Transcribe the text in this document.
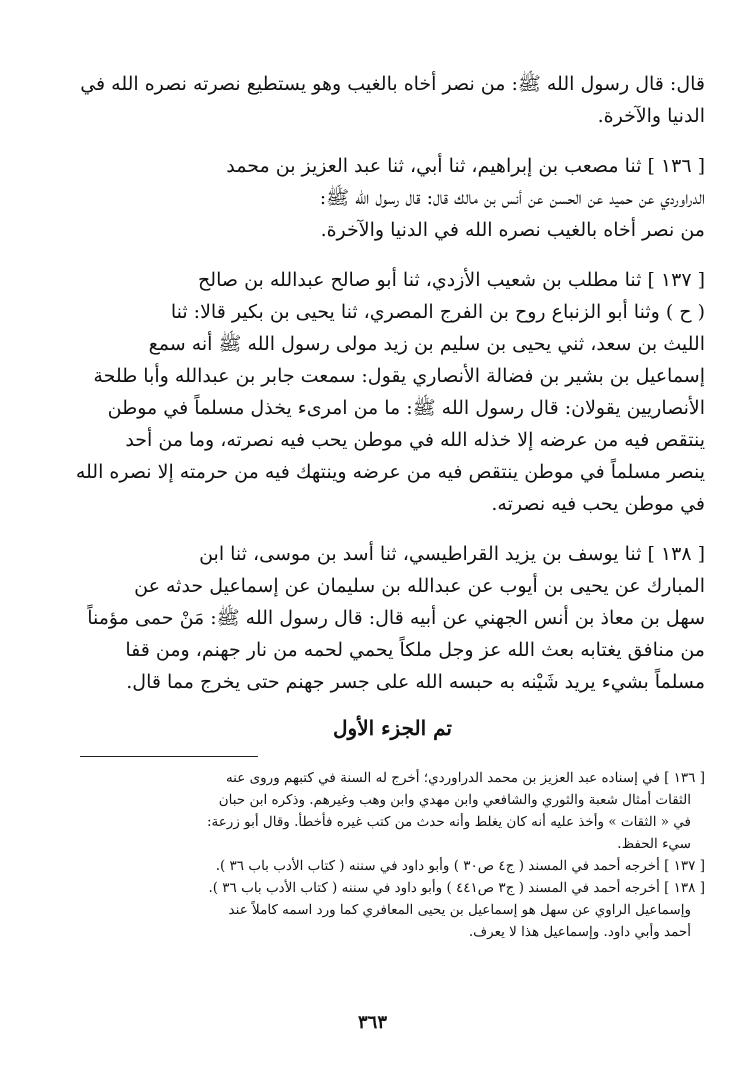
قال: قال رسول الله ﷺ: من نصر أخاه بالغيب وهو يستطيع نصرته نصره الله في
الدنيا والآخرة.
[ ١٣٦ ] ثنا مصعب بن إبراهيم، ثنا أبي، ثنا عبد العزيز بن محمد
الدراوردي عن حميد عن الحسن عن أنس بن مالك قال: قال رسول الله ﷺ:
من نصر أخاه بالغيب نصره الله في الدنيا والآخرة.
[ ١٣٧ ] ثنا مطلب بن شعيب الأزدي، ثنا أبو صالح عبدالله بن صالح
( ح ) وثنا أبو الزنباع روح بن الفرج المصري، ثنا يحيى بن بكير قالا: ثنا
الليث بن سعد، ثني يحيى بن سليم بن زيد مولى رسول الله ﷺ أنه سمع
إسماعيل بن بشير بن فضالة الأنصاري يقول: سمعت جابر بن عبدالله وأبا طلحة
الأنصاريين يقولان: قال رسول الله ﷺ: ما من امرىء يخذل مسلماً في موطن
ينتقص فيه من عرضه إلا خذله الله في موطن يحب فيه نصرته، وما من أحد
ينصر مسلماً في موطن ينتقص فيه من عرضه وينتهك فيه من حرمته إلا نصره الله
في موطن يحب فيه نصرته.
[ ١٣٨ ] ثنا يوسف بن يزيد القراطيسي، ثنا أسد بن موسى، ثنا ابن
المبارك عن يحيى بن أيوب عن عبدالله بن سليمان عن إسماعيل حدثه عن
سهل بن معاذ بن أنس الجهني عن أبيه قال: قال رسول الله ﷺ: مَنْ حمى مؤمناً
من منافق يغتابه بعث الله عز وجل ملكاً يحمي لحمه من نار جهنم، ومن قفا
مسلماً بشيء يريد شَيْنه به حبسه الله على جسر جهنم حتى يخرج مما قال.
تم الجزء الأول
[ ١٣٦ ] في إسناده عبد العزيز بن محمد الدراوردي؛ أخرج له السنة في كتبهم وروى عنه
الثقات أمثال شعبة والثوري والشافعي وابن مهدي وابن وهب وغيرهم. وذكره ابن حبان
في « الثقات » وأخذ عليه أنه كان يغلط وأنه حدث من كتب غيره فأخطأ. وقال أبو زرعة:
سيء الحفظ.
[ ١٣٧ ] أخرجه أحمد في المسند ( ج٤ ص٣٠ ) وأبو داود في سننه ( كتاب الأدب باب ٣٦ ).
[ ١٣٨ ] أخرجه أحمد في المسند ( ج٣ ص٤٤١ ) وأبو داود في سننه ( كتاب الأدب باب ٣٦ ).
وإسماعيل الراوي عن سهل هو إسماعيل بن يحيى المعافري كما ورد اسمه كاملاً عند
أحمد وأبي داود. وإسماعيل هذا لا يعرف.
٣٦٣
